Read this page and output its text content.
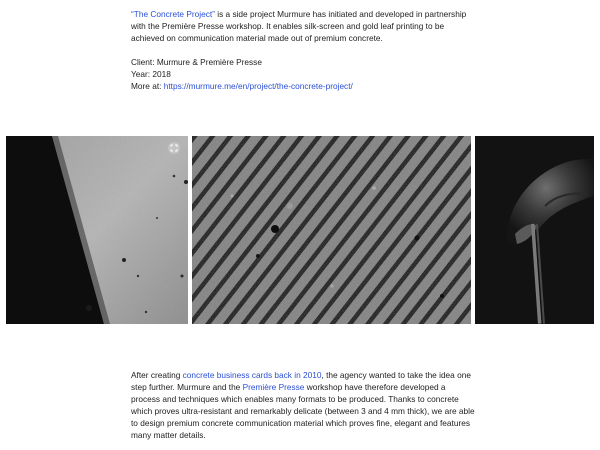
“The Concrete Project” is a side project Murmure has initiated and developed in partnership with the Première Presse workshop. It enables silk-screen and gold leaf printing to be achieved on communication material made out of premium concrete.

Client: Murmure & Première Presse

Year: 2018

More at: https://murmure.me/en/project/the-concrete-project/

After creating concrete business cards back in 2010, the agency wanted to take the idea one step further. Murmure and the Première Presse workshop have therefore developed a process and techniques which enables many formats to be produced. Thanks to concrete which proves ultra-resistant and remarkably delicate (between 3 and 4 mm thick), we are able to design premium concrete communication material which proves fine, elegant and features many matter details.
